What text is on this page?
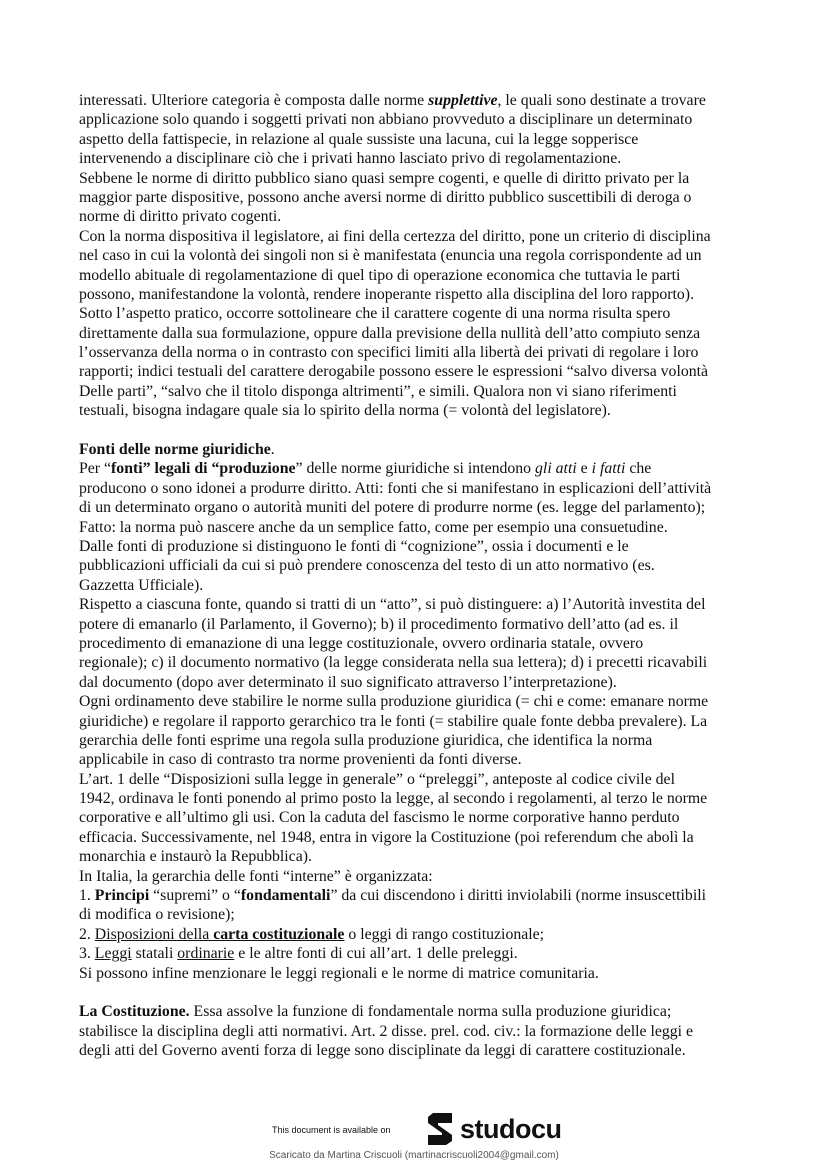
interessati. Ulteriore categoria è composta dalle norme supplettive, le quali sono destinate a trovare
applicazione solo quando i soggetti privati non abbiano provveduto a disciplinare un determinato
aspetto della fattispecie, in relazione al quale sussiste una lacuna, cui la legge sopperisce
intervenendo a disciplinare ciò che i privati hanno lasciato privo di regolamentazione.
Sebbene le norme di diritto pubblico siano quasi sempre cogenti, e quelle di diritto privato per la
maggior parte dispositive, possono anche aversi norme di diritto pubblico suscettibili di deroga o
norme di diritto privato cogenti.
Con la norma dispositiva il legislatore, ai fini della certezza del diritto, pone un criterio di disciplina
nel caso in cui la volontà dei singoli non si è manifestata (enuncia una regola corrispondente ad un
modello abituale di regolamentazione di quel tipo di operazione economica che tuttavia le parti
possono, manifestandone la volontà, rendere inoperante rispetto alla disciplina del loro rapporto).
Sotto l’aspetto pratico, occorre sottolineare che il carattere cogente di una norma risulta spero
direttamente dalla sua formulazione, oppure dalla previsione della nullità dell’atto compiuto senza
l’osservanza della norma o in contrasto con specifici limiti alla libertà dei privati di regolare i loro
rapporti; indici testuali del carattere derogabile possono essere le espressioni “salvo diversa volontà
Delle parti”, “salvo che il titolo disponga altrimenti”, e simili. Qualora non vi siano riferimenti
testuali, bisogna indagare quale sia lo spirito della norma (= volontà del legislatore).
Fonti delle norme giuridiche.
Per “fonti” legali di “produzione” delle norme giuridiche si intendono gli atti e i fatti che
producono o sono idonei a produrre diritto. Atti: fonti che si manifestano in esplicazioni dell’attività
di un determinato organo o autorità muniti del potere di produrre norme (es. legge del parlamento);
Fatto: la norma può nascere anche da un semplice fatto, come per esempio una consuetudine.
Dalle fonti di produzione si distinguono le fonti di “cognizione”, ossia i documenti e le
pubblicazioni ufficiali da cui si può prendere conoscenza del testo di un atto normativo (es.
Gazzetta Ufficiale).
Rispetto a ciascuna fonte, quando si tratti di un “atto”, si può distinguere: a) l’Autorità investita del
potere di emanarlo (il Parlamento, il Governo); b) il procedimento formativo dell’atto (ad es. il
procedimento di emanazione di una legge costituzionale, ovvero ordinaria statale, ovvero
regionale); c) il documento normativo (la legge considerata nella sua lettera); d) i precetti ricavabili
dal documento (dopo aver determinato il suo significato attraverso l’interpretazione).
Ogni ordinamento deve stabilire le norme sulla produzione giuridica (= chi e come: emanare norme
giuridiche) e regolare il rapporto gerarchico tra le fonti (= stabilire quale fonte debba prevalere). La
gerarchia delle fonti esprime una regola sulla produzione giuridica, che identifica la norma
applicabile in caso di contrasto tra norme provenienti da fonti diverse.
L’art. 1 delle “Disposizioni sulla legge in generale” o “preleggi”, anteposte al codice civile del
1942, ordinava le fonti ponendo al primo posto la legge, al secondo i regolamenti, al terzo le norme
corporative e all’ultimo gli usi. Con la caduta del fascismo le norme corporative hanno perduto
efficacia. Successivamente, nel 1948, entra in vigore la Costituzione (poi referendum che abolì la
monarchia e instaurò la Repubblica).
In Italia, la gerarchia delle fonti “interne” è organizzata:
1. Principi “supremi” o “fondamentali” da cui discendono i diritti inviolabili (norme insuscettibili
di modifica o revisione);
2. Disposizioni della carta costituzionale o leggi di rango costituzionale;
3. Leggi statali ordinarie e le altre fonti di cui all’art. 1 delle preleggi.
Si possono infine menzionare le leggi regionali e le norme di matrice comunitaria.
La Costituzione. Essa assolve la funzione di fondamentale norma sulla produzione giuridica;
stabilisce la disciplina degli atti normativi. Art. 2 disse. prel. cod. civ.: la formazione delle leggi e
degli atti del Governo aventi forza di legge sono disciplinate da leggi di carattere costituzionale.
This document is available on	studocu
Scaricato da Martina Criscuoli (martinacriscuoli2004@gmail.com)
